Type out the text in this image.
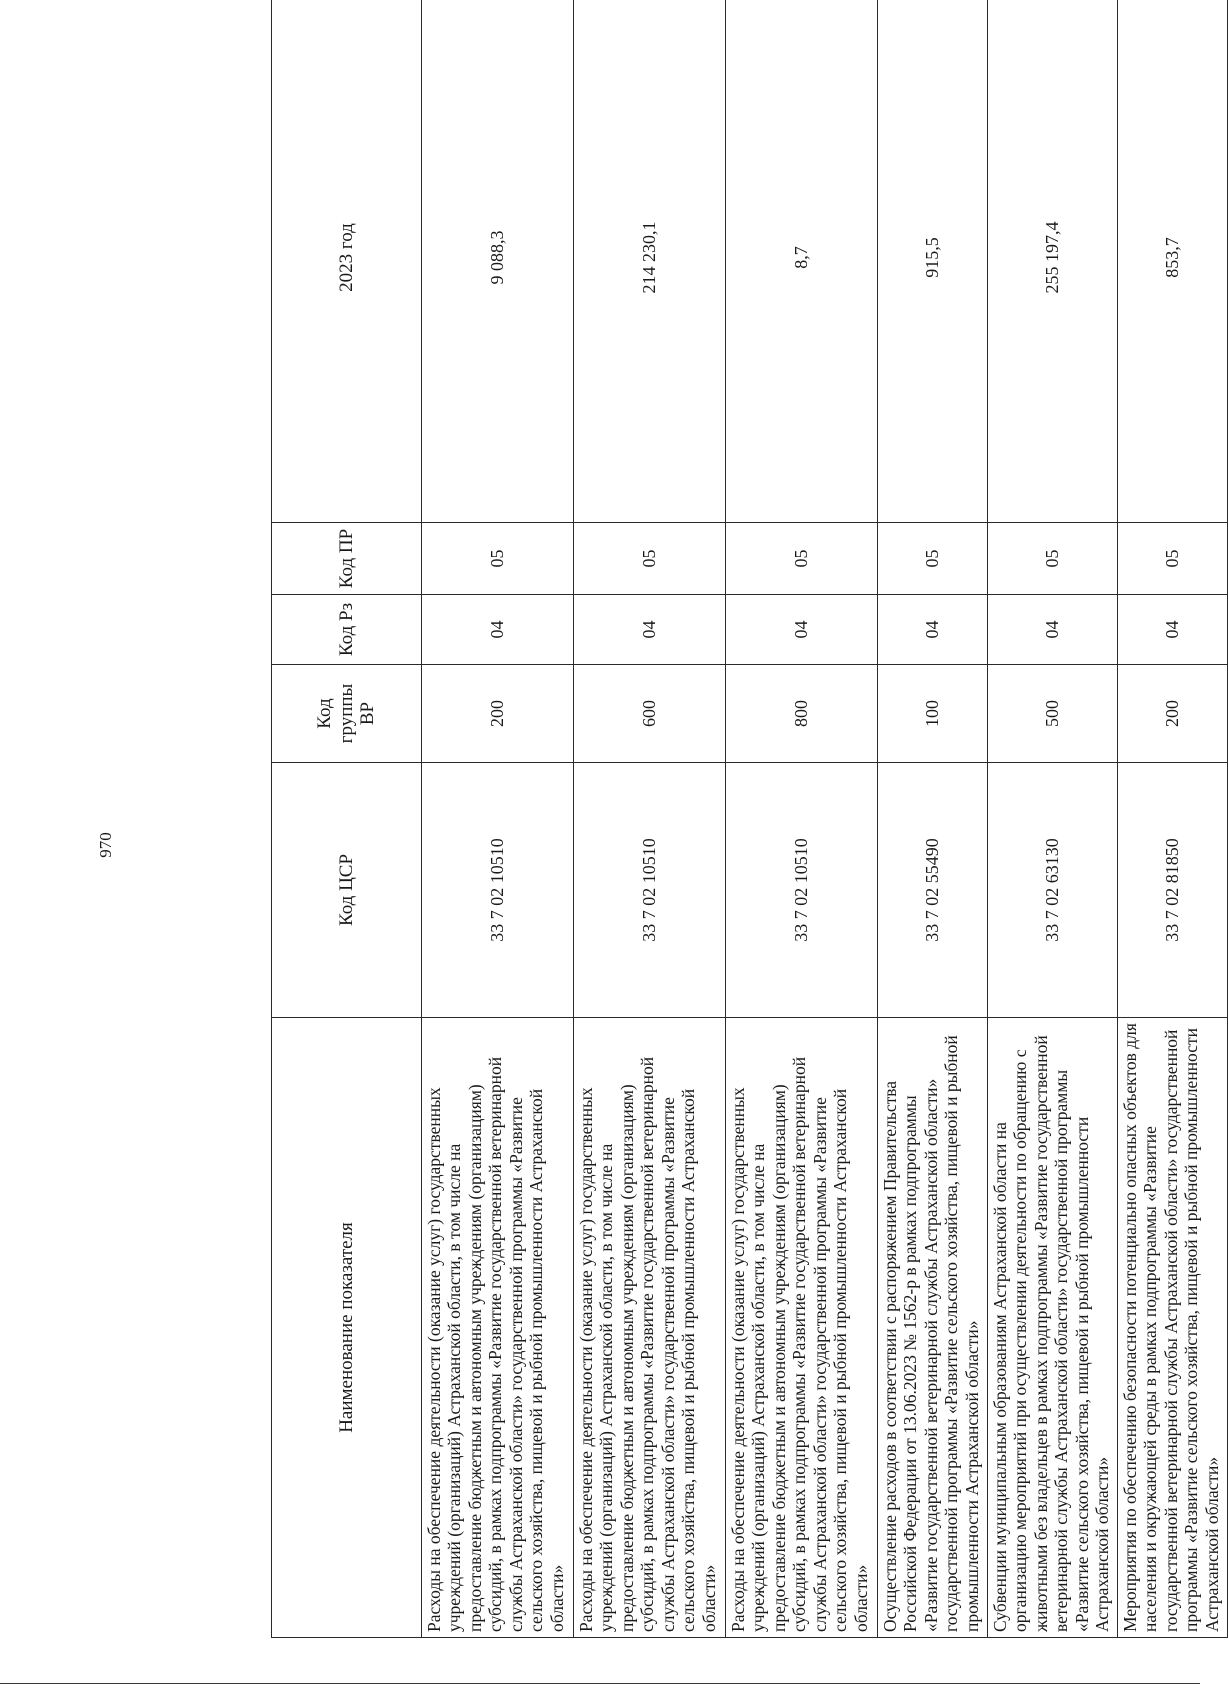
970
Наименование показателя	Код ЦСР	Код группы ВР	Код Рз	Код ПР	2023 год
Расходы на обеспечение деятельности (оказание услуг) государственных учреждений (организаций) Астраханской области, в том числе на предоставление бюджетным и автономным учреждениям (организациям) субсидий, в рамках подпрограммы «Развитие государственной ветеринарной службы Астраханской области» государственной программы «Развитие сельского хозяйства, пищевой и рыбной промышленности Астраханской области»	33 7 02 10510	200	04	05	9 088,3
Расходы на обеспечение деятельности (оказание услуг) государственных учреждений (организаций) Астраханской области, в том числе на предоставление бюджетным и автономным учреждениям (организациям) субсидий, в рамках подпрограммы «Развитие государственной ветеринарной службы Астраханской области» государственной программы «Развитие сельского хозяйства, пищевой и рыбной промышленности Астраханской области»	33 7 02 10510	600	04	05	214 230,1
Расходы на обеспечение деятельности (оказание услуг) государственных учреждений (организаций) Астраханской области, в том числе на предоставление бюджетным и автономным учреждениям (организациям) субсидий, в рамках подпрограммы «Развитие государственной ветеринарной службы Астраханской области» государственной программы «Развитие сельского хозяйства, пищевой и рыбной промышленности Астраханской области»	33 7 02 10510	800	04	05	8,7
Осуществление расходов в соответствии с распоряжением Правительства Российской Федерации от 13.06.2023 № 1562-р в рамках подпрограммы «Развитие государственной ветеринарной службы Астраханской области» государственной программы «Развитие сельского хозяйства, пищевой и рыбной промышленности Астраханской области»	33 7 02 55490	100	04	05	915,5
Субвенции муниципальным образованиям Астраханской области на организацию мероприятий при осуществлении деятельности по обращению с животными без владельцев в рамках подпрограммы «Развитие государственной ветеринарной службы Астраханской области» государственной программы «Развитие сельского хозяйства, пищевой и рыбной промышленности Астраханской области»	33 7 02 63130	500	04	05	255 197,4
Мероприятия по обеспечению безопасности потенциально опасных объектов для населения и окружающей среды в рамках подпрограммы «Развитие государственной ветеринарной службы Астраханской области» государственной программы «Развитие сельского хозяйства, пищевой и рыбной промышленности Астраханской области»	33 7 02 81850	200	04	05	853,7
